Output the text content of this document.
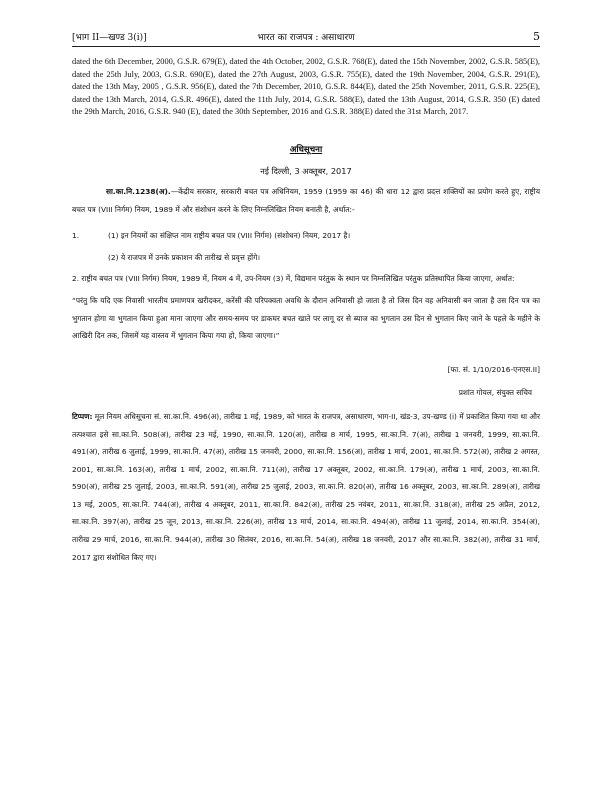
[भाग II—खण्ड 3(i)]	भारत का राजपत्र : असाधारण	5
dated the 6th December, 2000, G.S.R. 679(E), dated the 4th October, 2002, G.S.R. 768(E), dated the 15th November, 2002, G.S.R. 585(E), dated the 25th July, 2003, G.S.R. 690(E), dated the 27th August, 2003, G.S.R. 755(E), dated the 19th November, 2004, G.S.R. 291(E), dated the 13th May, 2005 , G.S.R. 956(E), dated the 7th December, 2010, G.S.R. 844(E), dated the 25th November, 2011, G.S.R. 225(E), dated the 13th March, 2014, G.S.R. 496(E), dated the 11th July, 2014, G.S.R. 588(E), dated the 13th August, 2014, G.S.R. 350 (E) dated the 29th March, 2016, G.S.R. 940 (E), dated the 30th September, 2016 and G.S.R. 388(E) dated the 31st March, 2017.
अधिसूचना
नई दिल्ली, 3 अक्तूबर, 2017
सा.का.नि.1238(अ).—केंद्रीय सरकार, सरकारी बचत पत्र अधिनियम, 1959 (1959 का 46) की धारा 12 द्वारा प्रदत्त शक्तियों का प्रयोग करते हुए, राष्ट्रीय बचत पत्र (VIII निर्गम) नियम, 1989 में और संशोधन करने के लिए निम्नलिखित नियम बनाती है, अर्थात:-
1.	(1) इन नियमों का संक्षिप्त नाम राष्ट्रीय बचत पत्र (VIII निर्गम) (संशोधन) नियम, 2017 है।
(2) ये राजपत्र में उनके प्रकाशन की तारीख से प्रवृत्त होंगे।
2. राष्ट्रीय बचत पत्र (VIII निर्गम) नियम, 1989 में, नियम 4 में, उप-नियम (3) में, विद्यमान परंतुक के स्थान पर निम्नलिखित परंतुक प्रतिस्थापित किया जाएगा, अर्थात:
“परंतु कि यदि एक निवासी भारतीय प्रमाणपत्र खरीदकर, करेंसी की परिपक्वता अवधि के दौरान अनिवासी हो जाता है तो जिस दिन वह अनिवासी बन जाता है उस दिन पत्र का भुगतान होगा या भुगतान किया हुआ माना जाएगा और समय-समय पर डाकघर बचत खाते पर लागू दर से ब्याज का भुगतान उस दिन से भुगतान किए जाने के पहले के महीने के आखिरी दिन तक, जिसमें यह वास्तव में भुगतान किया गया हो, किया जाएगा।”
[फा. सं. 1/10/2016-एनएस.II]
प्रशांत गोयल, संयुक्त सचिव
टिप्पण: मूल नियम अधिसूचना सं. सा.का.नि. 496(अ), तारीख 1 मई, 1989, को भारत के राजपत्र, असाधारण, भाग-II, खंड-3, उप-खण्ड (i) में प्रकाशित किया गया था और तत्पश्चात इसे सा.का.नि. 508(अ), तारीख 23 मई, 1990, सा.का.नि. 120(अ), तारीख 8 मार्च, 1995, सा.का.नि. 7(अ), तारीख 1 जनवरी, 1999, सा.का.नि. 491(अ), तारीख 6 जुलाई, 1999, सा.का.नि. 47(अ), तारीख 15 जनवरी, 2000, सा.का.नि. 156(अ), तारीख 1 मार्च, 2001, सा.का.नि. 572(अ), तारीख 2 अगस्त, 2001, सा.का.नि. 163(अ), तारीख 1 मार्च, 2002, सा.का.नि. 711(अ), तारीख 17 अक्तूबर, 2002, सा.का.नि. 179(अ), तारीख 1 मार्च, 2003, सा.का.नि. 590(अ), तारीख 25 जुलाई, 2003, सा.का.नि. 591(अ), तारीख 25 जुलाई, 2003, सा.का.नि. 820(अ), तारीख 16 अक्तूबर, 2003, सा.का.नि. 289(अ), तारीख 13 मई, 2005, सा.का.नि. 744(अ), तारीख 4 अक्तूबर, 2011, सा.का.नि. 842(अ), तारीख 25 नवंबर, 2011, सा.का.नि. 318(अ), तारीख 25 अप्रैल, 2012, सा.का.नि. 397(अ), तारीख 25 जून, 2013, सा.का.नि. 226(अ), तारीख 13 मार्च, 2014, सा.का.नि. 494(अ), तारीख 11 जुलाई, 2014, सा.का.नि. 354(अ), तारीख 29 मार्च, 2016, सा.का.नि. 944(अ), तारीख 30 सितंबर, 2016, सा.का.नि. 54(अ), तारीख 18 जनवरी, 2017 और सा.का.नि. 382(अ), तारीख 31 मार्च, 2017 द्वारा संशोधित किए गए।
